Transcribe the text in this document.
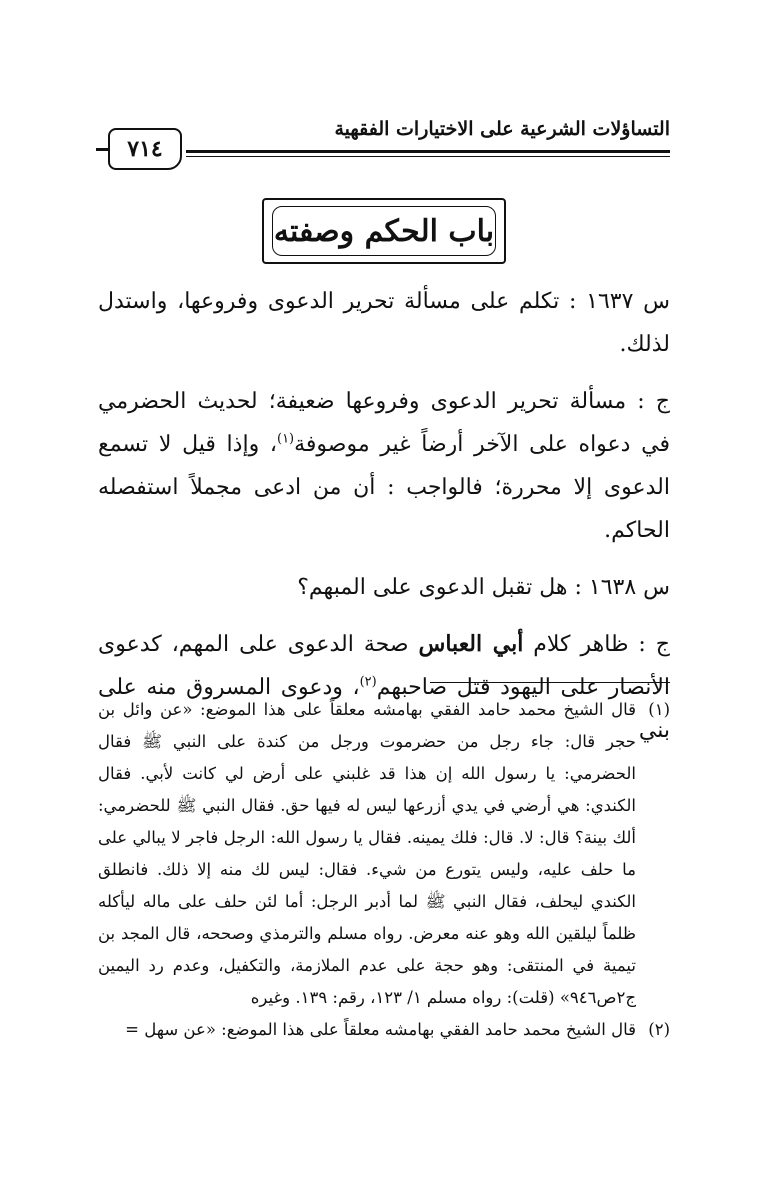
التساؤلات الشرعية على الاختيارات الفقهية
٧١٤
باب الحكم وصفته

س ١٦٣٧ : تكلم على مسألة تحرير الدعوى وفروعها، واستدل لذلك.

ج : مسألة تحرير الدعوى وفروعها ضعيفة؛ لحديث الحضرمي في دعواه على الآخر أرضاً غير موصوفة$^{(١)}$، وإذا قيل لا تسمع الدعوى إلا محررة؛ فالواجب : أن من ادعى مجملاً استفصله الحاكم.

س ١٦٣٨ : هل تقبل الدعوى على المبهم؟

ج : ظاهر كلام أبي العباس صحة الدعوى على المهم، كدعوى الأنصار على اليهود قتل صاحبهم$^{(٢)}$، ودعوى المسروق منه على بني

(١)
قال الشيخ محمد حامد الفقي بهامشه معلقاً على هذا الموضع: «عن وائل بن حجر قال: جاء رجل من حضرموت ورجل من كندة على النبي ﷺ فقال الحضرمي: يا رسول الله إن هذا قد غلبني على أرض لي كانت لأبي. فقال الكندي: هي أرضي في يدي أزرعها ليس له فيها حق. فقال النبي ﷺ للحضرمي: ألك بينة؟ قال: لا. قال: فلك يمينه. فقال يا رسول الله: الرجل فاجر لا يبالي على ما حلف عليه، وليس يتورع من شيء. فقال: ليس لك منه إلا ذلك. فانطلق الكندي ليحلف، فقال النبي ﷺ لما أدبر الرجل: أما لئن حلف على ماله ليأكله ظلماً ليلقين الله وهو عنه معرض. رواه مسلم والترمذي وصححه، قال المجد بن تيمية في المنتقى: وهو حجة على عدم الملازمة، والتكفيل، وعدم رد اليمين ج٢ص٩٤٦» (قلت): رواه مسلم ١/ ١٢٣، رقم: ١٣٩. وغيره

(٢)
قال الشيخ محمد حامد الفقي بهامشه معلقاً على هذا الموضع: «عن سهل =
